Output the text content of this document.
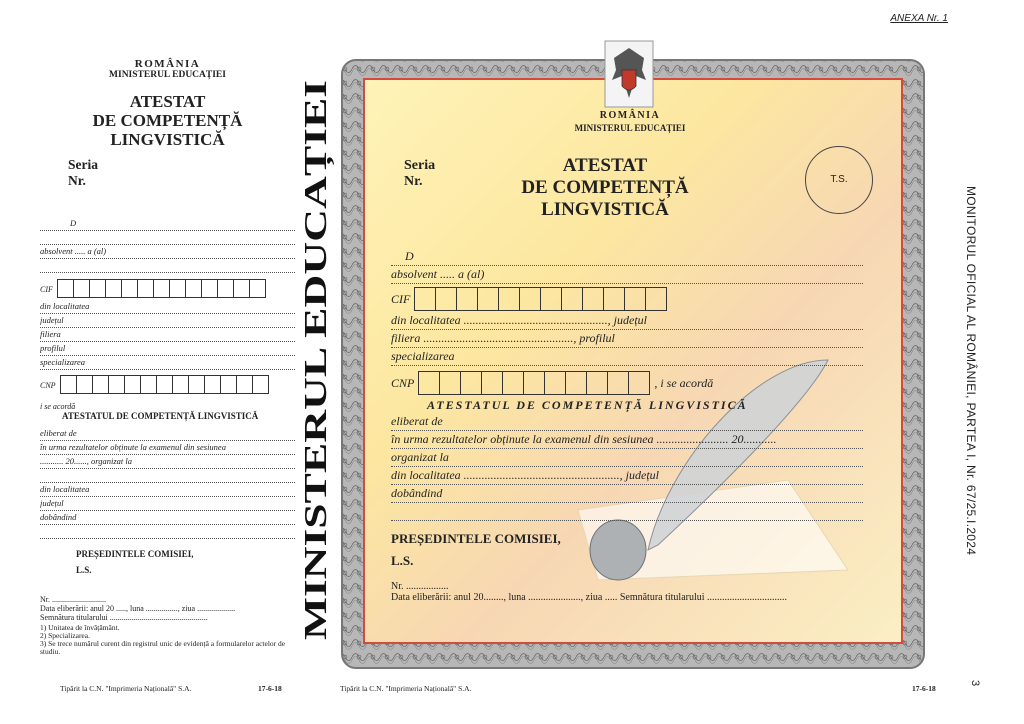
ANEXA Nr. 1
MONITORUL OFICIAL AL ROMÂNIEI, PARTEA I, Nr. 67/25.I.2024
3
ROMÂNIA
MINISTERUL EDUCAȚIEI
ATESTAT
DE COMPETENȚĂ
LINGVISTICĂ
Seria
Nr.
D
absolvent ..... a (al)
CIF
din localitatea
județul
filiera
profilul
specializarea
CNP
i se acordă
ATESTATUL DE COMPETENȚĂ LINGVISTICĂ
eliberat de
în urma rezultatelor obținute la examenul din sesiunea
........... 20......, organizat la
din localitatea
județul
dobândind
PREȘEDINTELE COMISIEI,
L.S.
Nr. ...........................
Data eliberării: anul 20 ....., luna ................, ziua ...................
Semnătura titularului .................................................
1) Unitatea de învățământ.
2) Specializarea.
3) Se trece numărul curent din registrul unic de evidență a formularelor actelor de studiu.
Tipărit la C.N. "Imprimeria Națională" S.A.	17-6-18
MINISTERUL EDUCAȚIEI
ROMÂNIA
MINISTERUL EDUCAȚIEI
Seria
Nr.
ATESTAT
DE COMPETENȚĂ
LINGVISTICĂ
T.S.
D
absolvent ..... a (al)
CIF
din localitatea ................................................, județul
filiera .................................................., profilul
specializarea
CNP	, i se acordă
ATESTATUL DE COMPETENȚĂ LINGVISTICĂ
eliberat de
în urma rezultatelor obținute la examenul din sesiunea ........................ 20...........
organizat la
din localitatea ...................................................., județul
dobândind
PREȘEDINTELE COMISIEI,
L.S.
Nr. .................
Data eliberării: anul 20........, luna ....................., ziua ..... Semnătura titularului ................................
Tipărit la C.N. "Imprimeria Națională" S.A.	17-6-18
